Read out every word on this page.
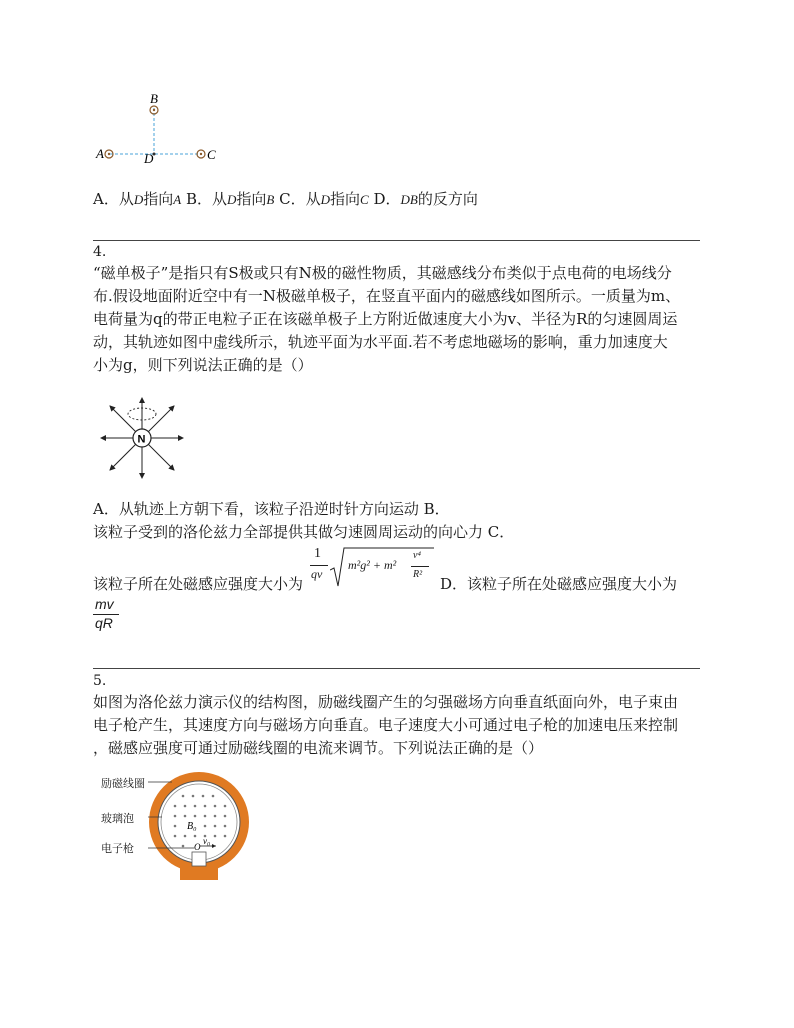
B
A	C
D
A．从D指向A B．从D指向B C．从D指向C D．DB的反方向
4.
“磁单极子”是指只有S极或只有N极的磁性物质，其磁感线分布类似于点电荷的电场线分
布.假设地面附近空中有一N极磁单极子，在竖直平面内的磁感线如图所示。一质量为m、
电荷量为q的带正电粒子正在该磁单极子上方附近做速度大小为v、半径为R的匀速圆周运
动，其轨迹如图中虚线所示，轨迹平面为水平面.若不考虑地磁场的影响，重力加速度大
小为g，则下列说法正确的是（）
N
A．从轨迹上方朝下看，该粒子沿逆时针方向运动 B．
该粒子受到的洛伦兹力全部提供其做匀速圆周运动的向心力 C．
1
qv
m²g² + m²
v⁴
R²
该粒子所在处磁感应强度大小为	D．该粒子所在处磁感应强度大小为
mv
qR
5.
如图为洛伦兹力演示仪的结构图，励磁线圈产生的匀强磁场方向垂直纸面向外，电子束由
电子枪产生，其速度方向与磁场方向垂直。电子速度大小可通过电子枪的加速电压来控制
，磁感应强度可通过励磁线圈的电流来调节。下列说法正确的是（）
B₀
v₀
O
励磁线圈
玻璃泡
电子枪
